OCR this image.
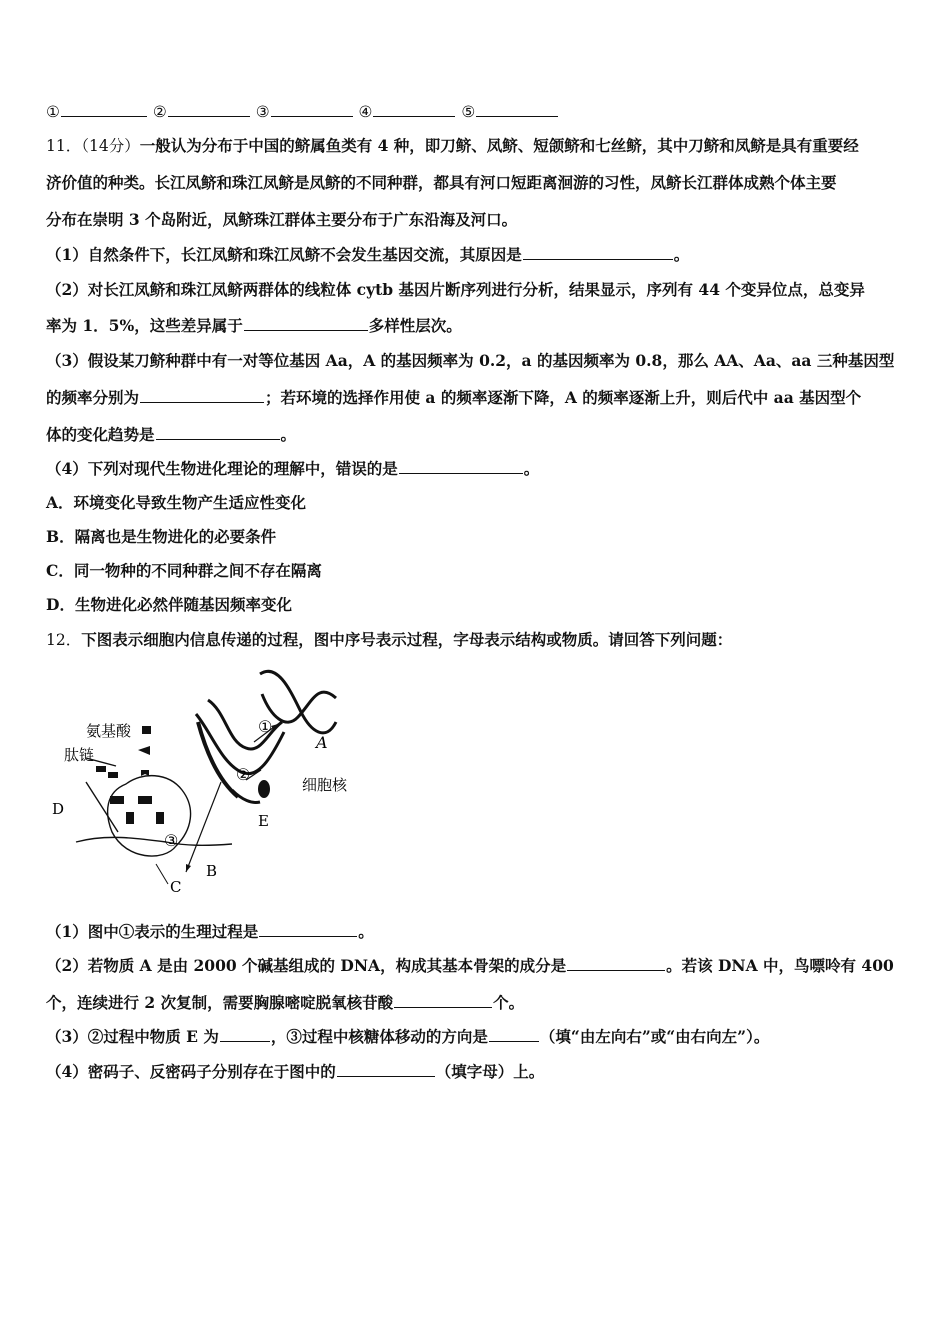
①	②	③	④	⑤
11．（14分）一般认为分布于中国的鲚属鱼类有 4 种，即刀鲚、凤鲚、短颌鲚和七丝鲚，其中刀鲚和凤鲚是具有重要经
济价值的种类。长江凤鲚和珠江凤鲚是凤鲚的不同种群，都具有河口短距离洄游的习性，凤鲚长江群体成熟个体主要
分布在崇明 3 个岛附近，凤鲚珠江群体主要分布于广东沿海及河口。
（1）自然条件下，长江凤鲚和珠江凤鲚不会发生基因交流，其原因是	。
（2）对长江凤鲚和珠江凤鲚两群体的线粒体 cytb 基因片断序列进行分析，结果显示，序列有 44 个变异位点，总变异
率为 1．5%，这些差异属于	多样性层次。
（3）假设某刀鲚种群中有一对等位基因 Aa，A 的基因频率为 0.2，a 的基因频率为 0.8，那么 AA、Aa、aa 三种基因型
的频率分别为	；若环境的选择作用使 a 的频率逐渐下降，A 的频率逐渐上升，则后代中 aa 基因型个
体的变化趋势是	。
（4）下列对现代生物进化理论的理解中，错误的是	。
A．环境变化导致生物产生适应性变化
B．隔离也是生物进化的必要条件
C．同一物种的不同种群之间不存在隔离
D．生物进化必然伴随基因频率变化
12．下图表示细胞内信息传递的过程，图中序号表示过程，字母表示结构或物质。请回答下列问题：
A
①
②
细胞核
E
氨基酸
肽链
D
③
B
C
（1）图中①表示的生理过程是	。
（2）若物质 A 是由 2000 个碱基组成的 DNA，构成其基本骨架的成分是	。若该 DNA 中，鸟嘌呤有 400
个，连续进行 2 次复制，需要胸腺嘧啶脱氧核苷酸	个。
（3）②过程中物质 E 为	，③过程中核糖体移动的方向是	（填“由左向右”或“由右向左”）。
（4）密码子、反密码子分别存在于图中的	（填字母）上。
